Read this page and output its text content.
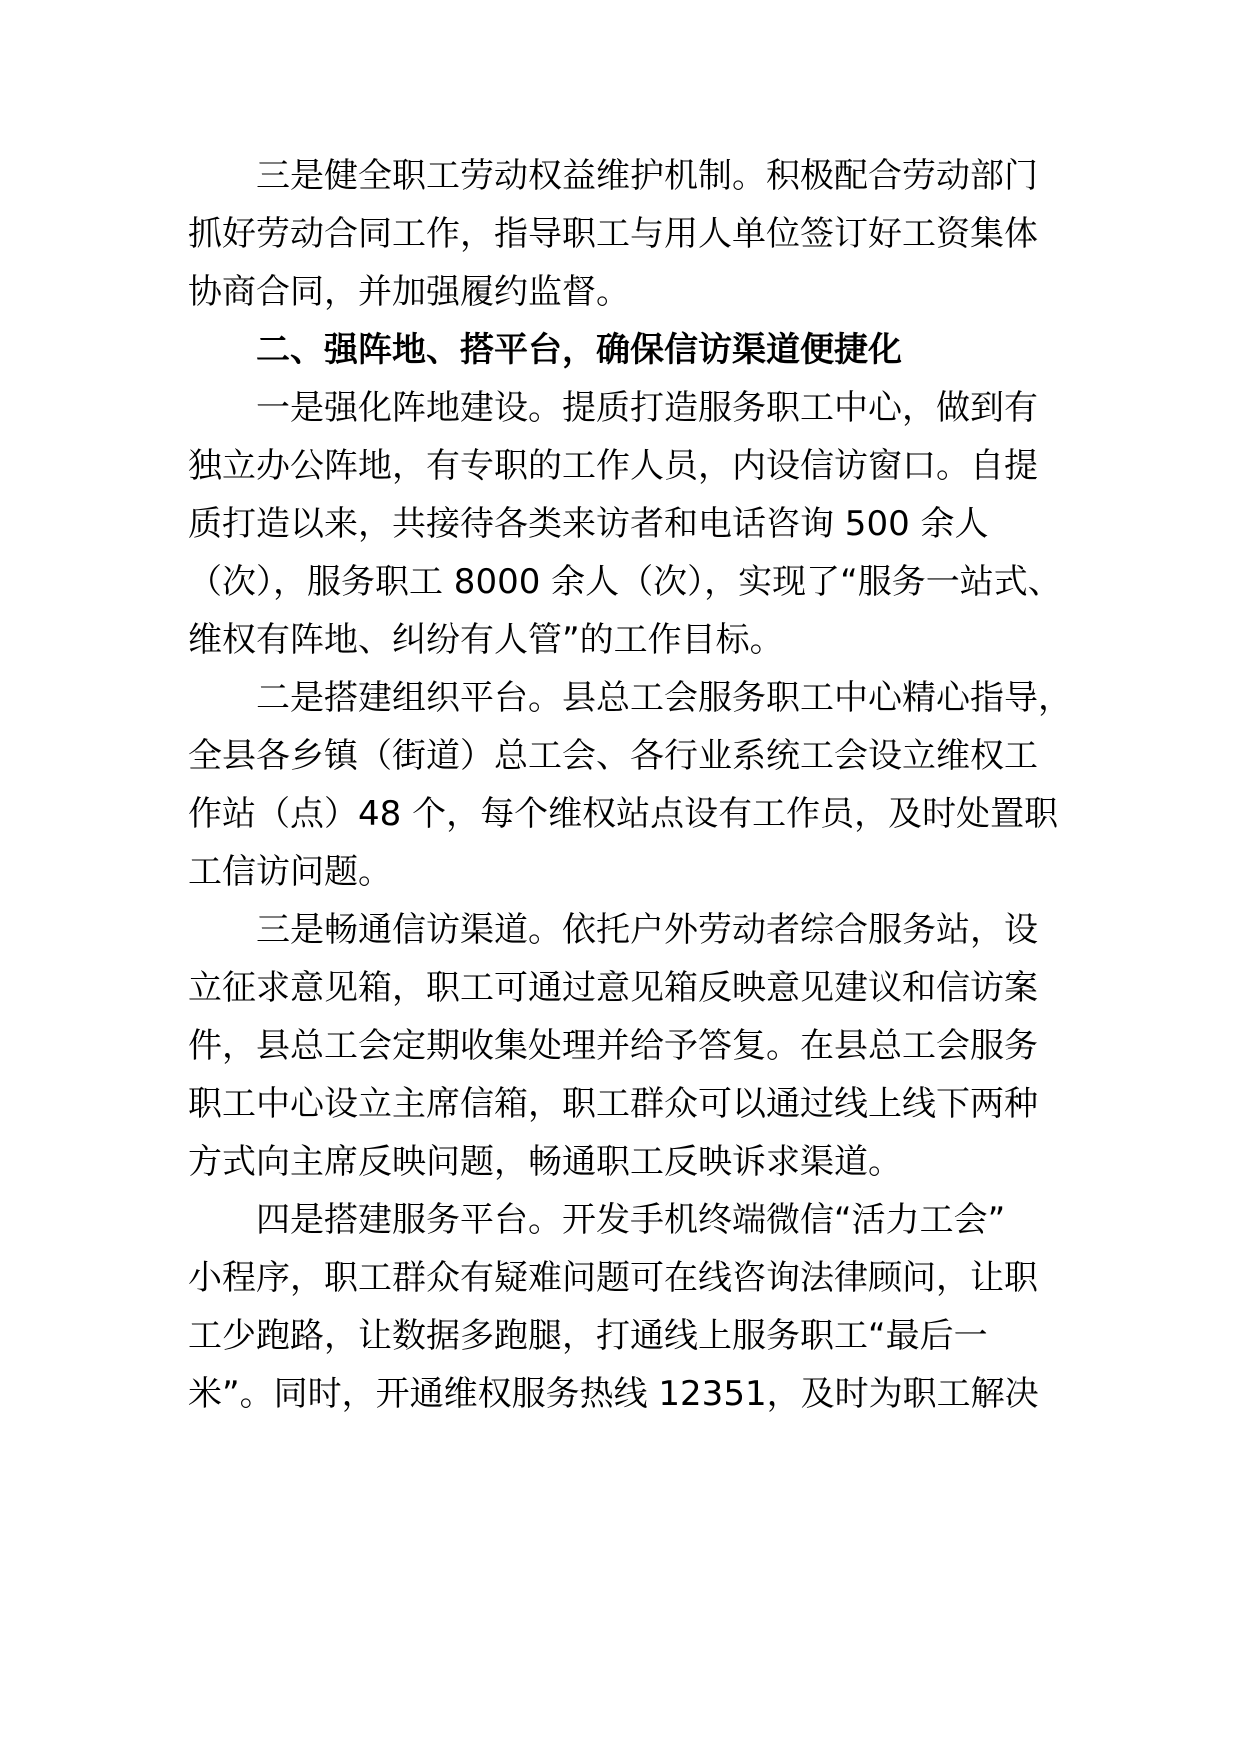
三是健全职工劳动权益维护机制。积极配合劳动部门

抓好劳动合同工作，指导职工与用人单位签订好工资集体

协商合同，并加强履约监督。

二、强阵地、搭平台，确保信访渠道便捷化

一是强化阵地建设。提质打造服务职工中心，做到有

独立办公阵地，有专职的工作人员，内设信访窗口。自提

质打造以来，共接待各类来访者和电话咨询 500 余人

（次），服务职工 8000 余人（次），实现了“服务一站式、

维权有阵地、纠纷有人管”的工作目标。

二是搭建组织平台。县总工会服务职工中心精心指导，

全县各乡镇（街道）总工会、各行业系统工会设立维权工

作站（点）48 个，每个维权站点设有工作员，及时处置职

工信访问题。

三是畅通信访渠道。依托户外劳动者综合服务站，设

立征求意见箱，职工可通过意见箱反映意见建议和信访案

件，县总工会定期收集处理并给予答复。在县总工会服务

职工中心设立主席信箱，职工群众可以通过线上线下两种

方式向主席反映问题，畅通职工反映诉求渠道。

四是搭建服务平台。开发手机终端微信“活力工会”

小程序，职工群众有疑难问题可在线咨询法律顾问，让职

工少跑路，让数据多跑腿，打通线上服务职工“最后一

米”。同时，开通维权服务热线 12351，及时为职工解决
